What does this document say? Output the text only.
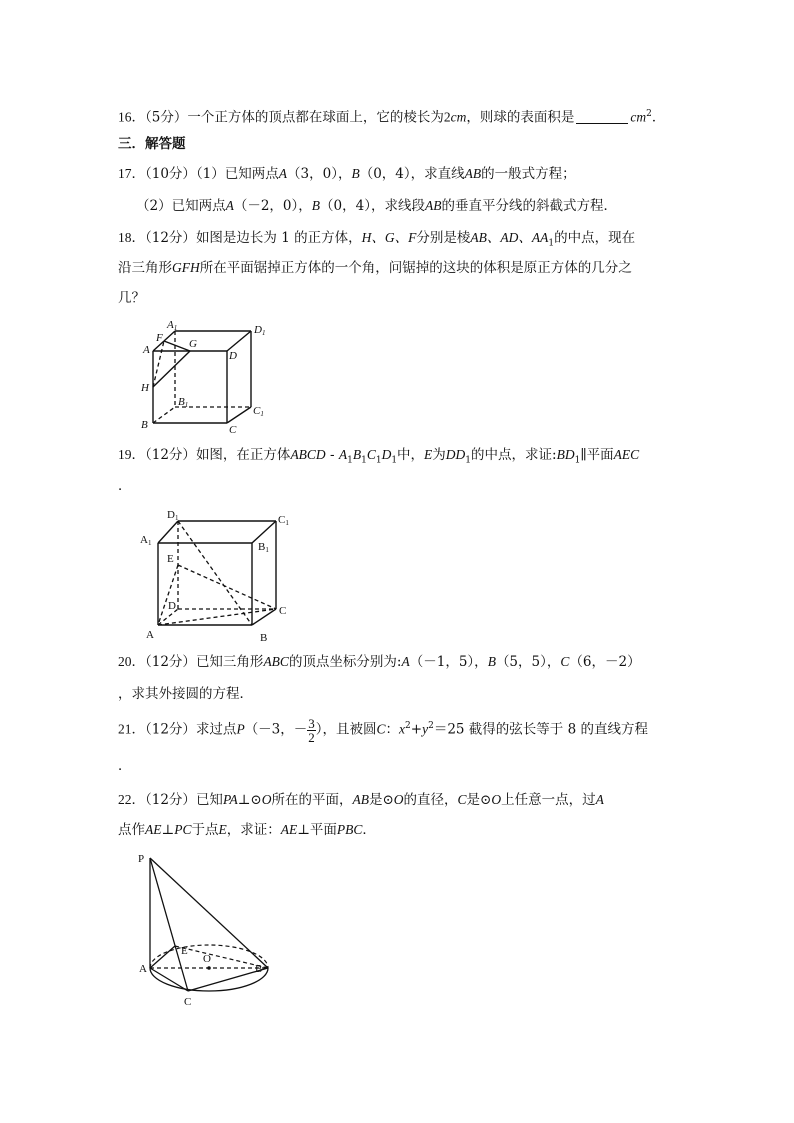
16．（5分）一个正方体的顶点都在球面上，它的棱长为2cm，则球的表面积是	$cm^2$．
三．解答题
17．（10分）（1）已知两点A（3，0），B（0，4），求直线AB的一般式方程；
（2）已知两点A（－2，0），B（0，4），求线段AB的垂直平分线的斜截式方程．
18．（12分）如图是边长为 1 的正方体，H、G、F分别是棱AB、AD、$AA_1$的中点，现在
沿三角形GFH所在平面锯掉正方体的一个角，问锯掉的这块的体积是原正方体的几分之
几？
A1
F
A	G
D1
D
H
B1	C1
B	C
19．（12分）如图，在正方体ABCD - $A_1B_1C_1D_1$中，E为$DD_1$的中点，求证$:BD_1\parallel$平面AEC
．
D1	C1
A1	B1
E
D	C
A	B
20．（12分）已知三角形ABC的顶点坐标分别为:A（－1，5），B（5，5），C（6，－2）
，求其外接圆的方程．
21．（12分）求过点P（－3，－ $\frac{3}{2}$ ），且被圆C：$x^2+y^2=25$ 截得的弦长等于 8 的直线方程
．
22．（12分）已知PA⊥⊙O所在的平面，AB是⊙O的直径，C是⊙O上任意一点，过A
点作AE⊥PC于点E，求证：AE⊥平面PBC．
P
E
O
A	B
C
